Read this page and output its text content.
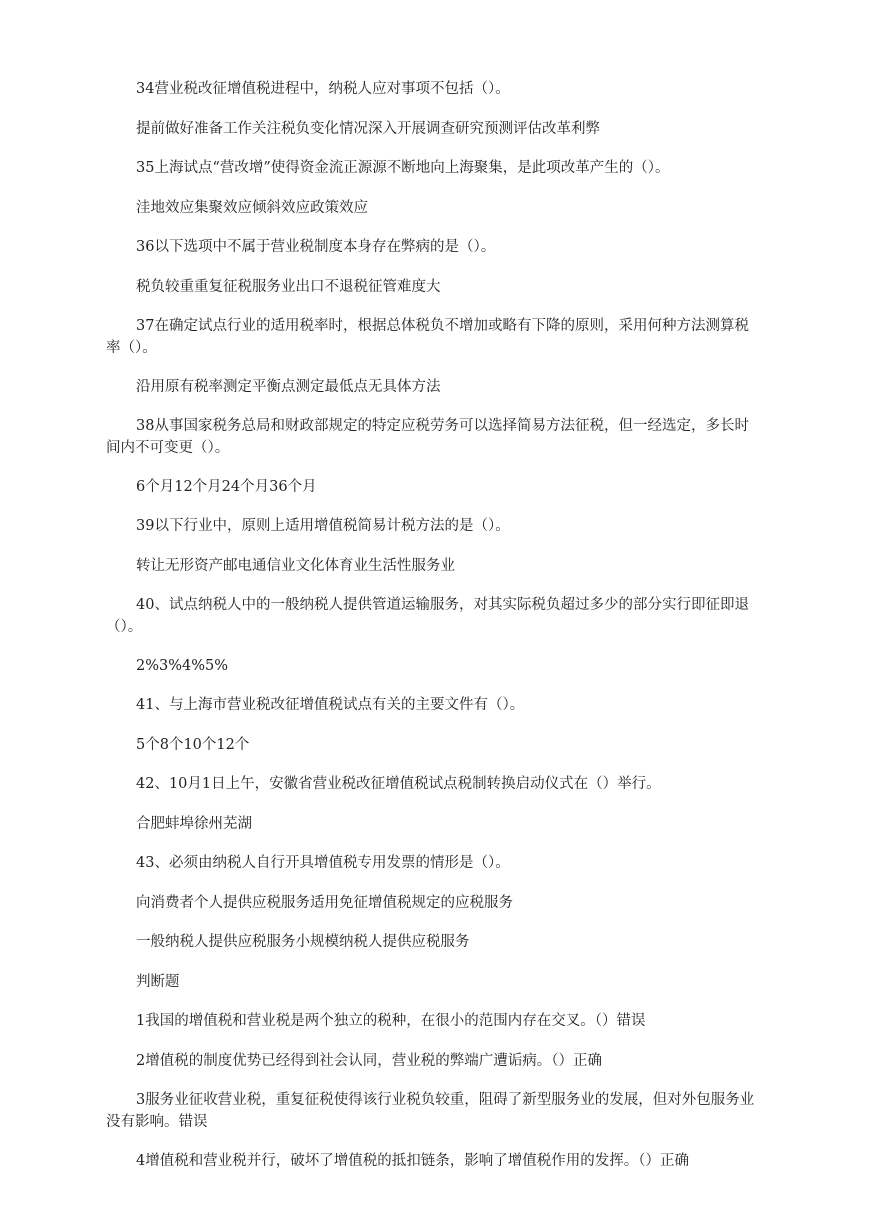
34营业税改征增值税进程中，纳税人应对事项不包括（）。

提前做好准备工作关注税负变化情况深入开展调查研究预测评估改革利弊

35上海试点“营改增”使得资金流正源源不断地向上海聚集，是此项改革产生的（）。

洼地效应集聚效应倾斜效应政策效应

36以下选项中不属于营业税制度本身存在弊病的是（）。

税负较重重复征税服务业出口不退税征管难度大

37在确定试点行业的适用税率时，根据总体税负不增加或略有下降的原则，采用何种方法测算税率（）。

沿用原有税率测定平衡点测定最低点无具体方法

38从事国家税务总局和财政部规定的特定应税劳务可以选择简易方法征税，但一经选定，多长时间内不可变更（）。

6个月12个月24个月36个月

39以下行业中，原则上适用增值税简易计税方法的是（）。

转让无形资产邮电通信业文化体育业生活性服务业

40、试点纳税人中的一般纳税人提供管道运输服务，对其实际税负超过多少的部分实行即征即退（）。

2%3%4%5%

41、与上海市营业税改征增值税试点有关的主要文件有（）。

5个8个10个12个

42、10月1日上午，安徽省营业税改征增值税试点税制转换启动仪式在（）举行。

合肥蚌埠徐州芜湖

43、必须由纳税人自行开具增值税专用发票的情形是（）。

向消费者个人提供应税服务适用免征增值税规定的应税服务

一般纳税人提供应税服务小规模纳税人提供应税服务

判断题

1我国的增值税和营业税是两个独立的税种，在很小的范围内存在交叉。（）错误

2增值税的制度优势已经得到社会认同，营业税的弊端广遭诟病。（）正确

3服务业征收营业税，重复征税使得该行业税负较重，阻碍了新型服务业的发展，但对外包服务业没有影响。错误

4增值税和营业税并行，破坏了增值税的抵扣链条，影响了增值税作用的发挥。（）正确
